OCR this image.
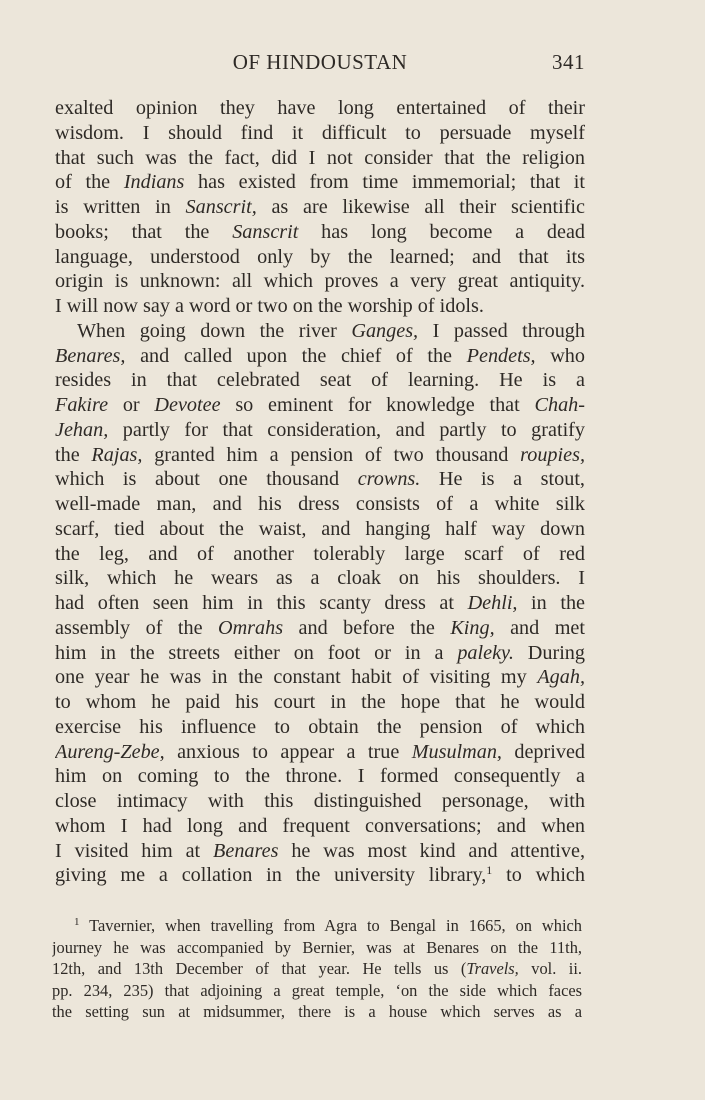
OF HINDOUSTAN	341
exalted opinion they have long entertained of their
wisdom. I should find it difficult to persuade myself
that such was the fact, did I not consider that the religion
of the Indians has existed from time immemorial; that it
is written in Sanscrit, as are likewise all their scientific
books; that the Sanscrit has long become a dead
language, understood only by the learned; and that its
origin is unknown: all which proves a very great antiquity.
I will now say a word or two on the worship of idols.
When going down the river Ganges, I passed through
Benares, and called upon the chief of the Pendets, who
resides in that celebrated seat of learning. He is a
Fakire or Devotee so eminent for knowledge that Chah-
Jehan, partly for that consideration, and partly to gratify
the Rajas, granted him a pension of two thousand roupies,
which is about one thousand crowns. He is a stout,
well-made man, and his dress consists of a white silk
scarf, tied about the waist, and hanging half way down
the leg, and of another tolerably large scarf of red
silk, which he wears as a cloak on his shoulders. I
had often seen him in this scanty dress at Dehli, in the
assembly of the Omrahs and before the King, and met
him in the streets either on foot or in a paleky. During
one year he was in the constant habit of visiting my Agah,
to whom he paid his court in the hope that he would
exercise his influence to obtain the pension of which
Aureng-Zebe, anxious to appear a true Musulman, deprived
him on coming to the throne. I formed consequently a
close intimacy with this distinguished personage, with
whom I had long and frequent conversations; and when
I visited him at Benares he was most kind and attentive,
giving me a collation in the university library,$^1$ to which
$^1$ Tavernier, when travelling from Agra to Bengal in 1665, on which
journey he was accompanied by Bernier, was at Benares on the 11th,
12th, and 13th December of that year. He tells us (Travels, vol. ii.
pp. 234, 235) that adjoining a great temple, ‘on the side which faces
the setting sun at midsummer, there is a house which serves as a
